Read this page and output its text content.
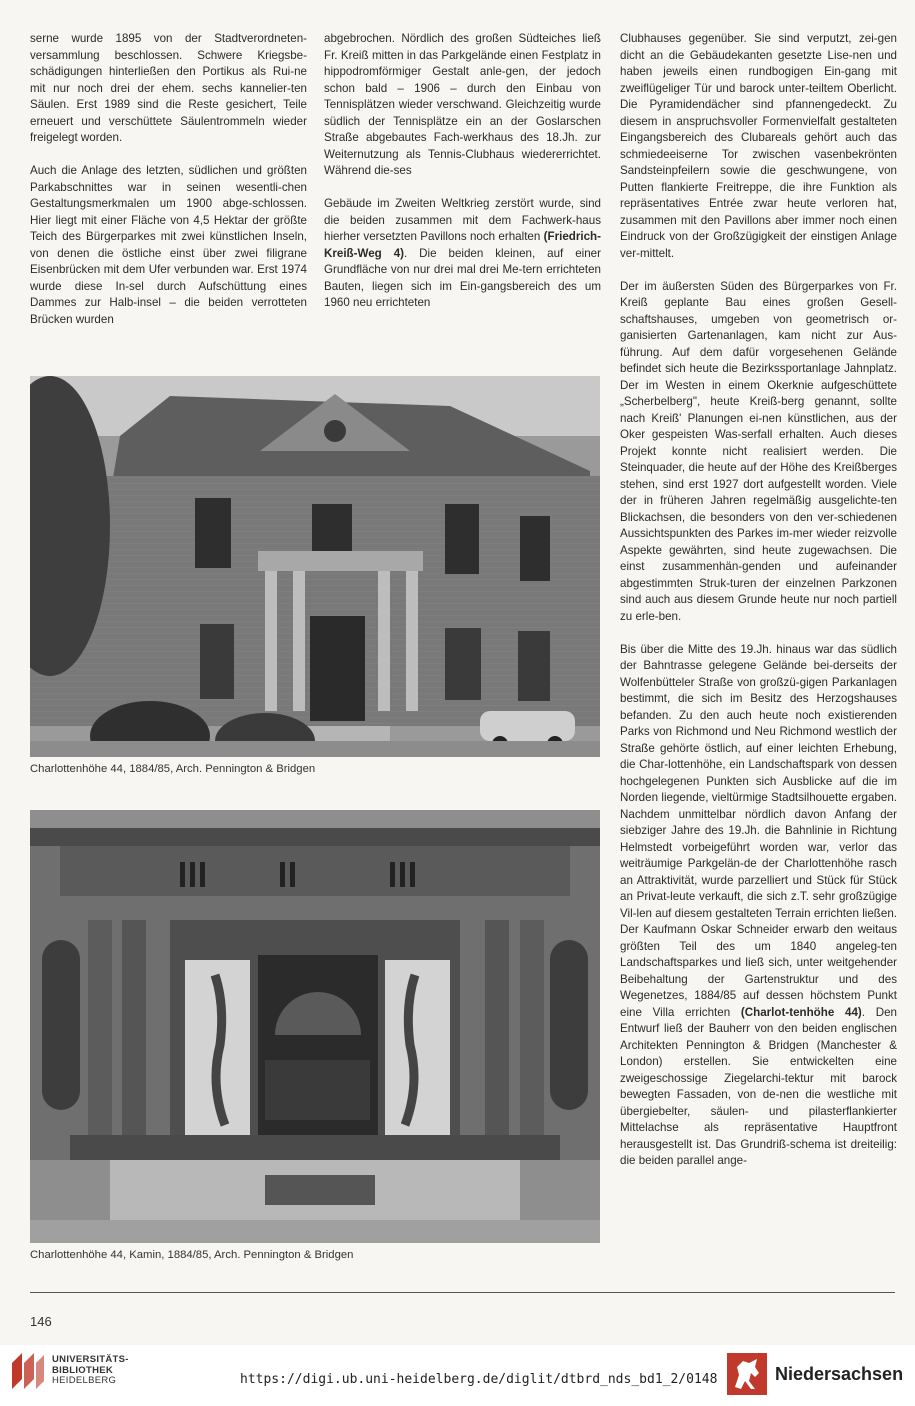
serne wurde 1895 von der Stadtverordneten-versammlung beschlossen. Schwere Kriegsbe-schädigungen hinterließen den Portikus als Rui-ne mit nur noch drei der ehem. sechs kannelier-ten Säulen. Erst 1989 sind die Reste gesichert, Teile erneuert und verschüttete Säulentrommeln wieder freigelegt worden.

Auch die Anlage des letzten, südlichen und größten Parkabschnittes war in seinen wesentli-chen Gestaltungsmerkmalen um 1900 abge-schlossen. Hier liegt mit einer Fläche von 4,5 Hektar der größte Teich des Bürgerparkes mit zwei künstlichen Inseln, von denen die östliche einst über zwei filigrane Eisenbrücken mit dem Ufer verbunden war. Erst 1974 wurde diese In-sel durch Aufschüttung eines Dammes zur Halb-insel – die beiden verrotteten Brücken wurden

abgebrochen. Nördlich des großen Südteiches ließ Fr. Kreiß mitten in das Parkgelände einen Festplatz in hippodromförmiger Gestalt anle-gen, der jedoch schon bald – 1906 – durch den Einbau von Tennisplätzen wieder verschwand. Gleichzeitig wurde südlich der Tennisplätze ein an der Goslarschen Straße abgebautes Fach-werkhaus des 18.Jh. zur Weiternutzung als Tennis-Clubhaus wiedererrichtet. Während die-ses

Gebäude im Zweiten Weltkrieg zerstört wurde, sind die beiden zusammen mit dem Fachwerk-haus hierher versetzten Pavillons noch erhalten (Friedrich-Kreiß-Weg 4). Die beiden kleinen, auf einer Grundfläche von nur drei mal drei Me-tern errichteten Bauten, liegen sich im Ein-gangsbereich des um 1960 neu errichteten

Clubhauses gegenüber. Sie sind verputzt, zei-gen dicht an die Gebäudekanten gesetzte Lise-nen und haben jeweils einen rundbogigen Ein-gang mit zweiflügeliger Tür und barock unter-teiltem Oberlicht. Die Pyramidendächer sind pfannengedeckt. Zu diesem in anspruchsvoller Formenvielfalt gestalteten Eingangsbereich des Clubareals gehört auch das schmiedeeiserne Tor zwischen vasenbekrönten Sandsteinpfeilern sowie die geschwungene, von Putten flankierte Freitreppe, die ihre Funktion als repräsentatives Entrée zwar heute verloren hat, zusammen mit den Pavillons aber immer noch einen Eindruck von der Großzügigkeit der einstigen Anlage ver-mittelt.

Der im äußersten Süden des Bürgerparkes von Fr. Kreiß geplante Bau eines großen Gesell-schaftshauses, umgeben von geometrisch or-ganisierten Gartenanlagen, kam nicht zur Aus-führung. Auf dem dafür vorgesehenen Gelände befindet sich heute die Bezirkssportanlage Jahnplatz. Der im Westen in einem Okerknie aufgeschüttete „Scherbelberg", heute Kreiß-berg genannt, sollte nach Kreiß' Planungen ei-nen künstlichen, aus der Oker gespeisten Was-serfall erhalten. Auch dieses Projekt konnte nicht realisiert werden. Die Steinquader, die heute auf der Höhe des Kreißberges stehen, sind erst 1927 dort aufgestellt worden. Viele der in früheren Jahren regelmäßig ausgelichte-ten Blickachsen, die besonders von den ver-schiedenen Aussichtspunkten des Parkes im-mer wieder reizvolle Aspekte gewährten, sind heute zugewachsen. Die einst zusammenhän-genden und aufeinander abgestimmten Struk-turen der einzelnen Parkzonen sind auch aus diesem Grunde heute nur noch partiell zu erle-ben.

Bis über die Mitte des 19.Jh. hinaus war das südlich der Bahntrasse gelegene Gelände bei-derseits der Wolfenbütteler Straße von großzü-gigen Parkanlagen bestimmt, die sich im Besitz des Herzogshauses befanden. Zu den auch heute noch existierenden Parks von Richmond und Neu Richmond westlich der Straße gehörte östlich, auf einer leichten Erhebung, die Char-lottenhöhe, ein Landschaftspark von dessen hochgelegenen Punkten sich Ausblicke auf die im Norden liegende, vieltürmige Stadtsilhouette ergaben. Nachdem unmittelbar nördlich davon Anfang der siebziger Jahre des 19.Jh. die Bahnlinie in Richtung Helmstedt vorbeigeführt worden war, verlor das weiträumige Parkgelän-de der Charlottenhöhe rasch an Attraktivität, wurde parzelliert und Stück für Stück an Privat-leute verkauft, die sich z.T. sehr großzügige Vil-len auf diesem gestalteten Terrain errichten ließen. Der Kaufmann Oskar Schneider erwarb den weitaus größten Teil des um 1840 angeleg-ten Landschaftsparkes und ließ sich, unter weitgehender Beibehaltung der Gartenstruktur und des Wegenetzes, 1884/85 auf dessen höchstem Punkt eine Villa errichten (Charlot-tenhöhe 44). Den Entwurf ließ der Bauherr von den beiden englischen Architekten Pennington & Bridgen (Manchester & London) erstellen. Sie entwickelten eine zweigeschossige Ziegelarchi-tektur mit barock bewegten Fassaden, von de-nen die westliche mit übergiebelter, säulen- und pilasterflankierter Mittelachse als repräsentative Hauptfront herausgestellt ist. Das Grundriß-schema ist dreiteilig: die beiden parallel ange-

Charlottenhöhe 44, 1884/85, Arch. Pennington & Bridgen
Charlottenhöhe 44, Kamin, 1884/85, Arch. Pennington & Bridgen
146
UNIVERSITÄTS-
BIBLIOTHEK
HEIDELBERG	https://digi.ub.uni-heidelberg.de/diglit/dtbrd_nds_bd1_2/0148	Niedersachsen
